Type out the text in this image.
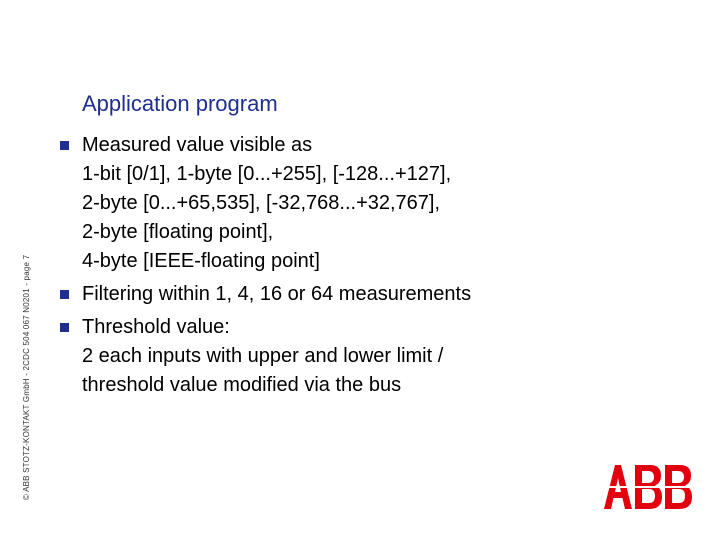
© ABB STOTZ-KONTAKT GmbH - 2CDC 504 067 N0201 - page 7
Application program
Measured value visible as
1-bit [0/1], 1-byte [0...+255], [-128...+127],
2-byte [0...+65,535], [-32,768...+32,767],
2-byte [floating point],
4-byte [IEEE-floating point]
Filtering within 1, 4, 16 or 64 measurements
Threshold value:
2 each inputs with upper and lower limit /
threshold value modified via the bus
